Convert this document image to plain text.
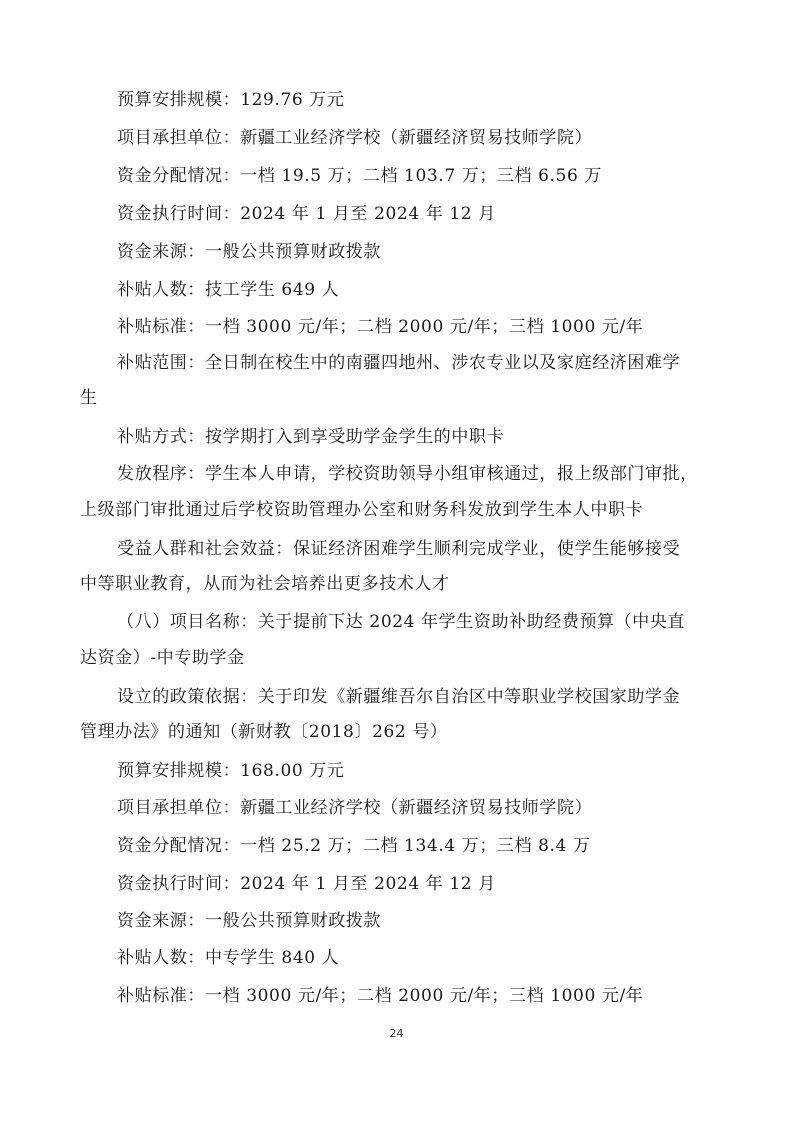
预算安排规模：129.76 万元
项目承担单位：新疆工业经济学校（新疆经济贸易技师学院）
资金分配情况：一档 19.5 万；二档 103.7 万；三档 6.56 万
资金执行时间：2024 年 1 月至 2024 年 12 月
资金来源：一般公共预算财政拨款
补贴人数：技工学生 649 人
补贴标准：一档 3000 元/年；二档 2000 元/年；三档 1000 元/年
补贴范围：全日制在校生中的南疆四地州、涉农专业以及家庭经济困难学
生
补贴方式：按学期打入到享受助学金学生的中职卡
发放程序：学生本人申请，学校资助领导小组审核通过，报上级部门审批，
上级部门审批通过后学校资助管理办公室和财务科发放到学生本人中职卡
受益人群和社会效益：保证经济困难学生顺利完成学业，使学生能够接受
中等职业教育，从而为社会培养出更多技术人才
（八）项目名称：关于提前下达 2024 年学生资助补助经费预算（中央直
达资金）-中专助学金
设立的政策依据：关于印发《新疆维吾尔自治区中等职业学校国家助学金
管理办法》的通知（新财教〔2018〕262 号）
预算安排规模：168.00 万元
项目承担单位：新疆工业经济学校（新疆经济贸易技师学院）
资金分配情况：一档 25.2 万；二档 134.4 万；三档 8.4 万
资金执行时间：2024 年 1 月至 2024 年 12 月
资金来源：一般公共预算财政拨款
补贴人数：中专学生 840 人
补贴标准：一档 3000 元/年；二档 2000 元/年；三档 1000 元/年
24
